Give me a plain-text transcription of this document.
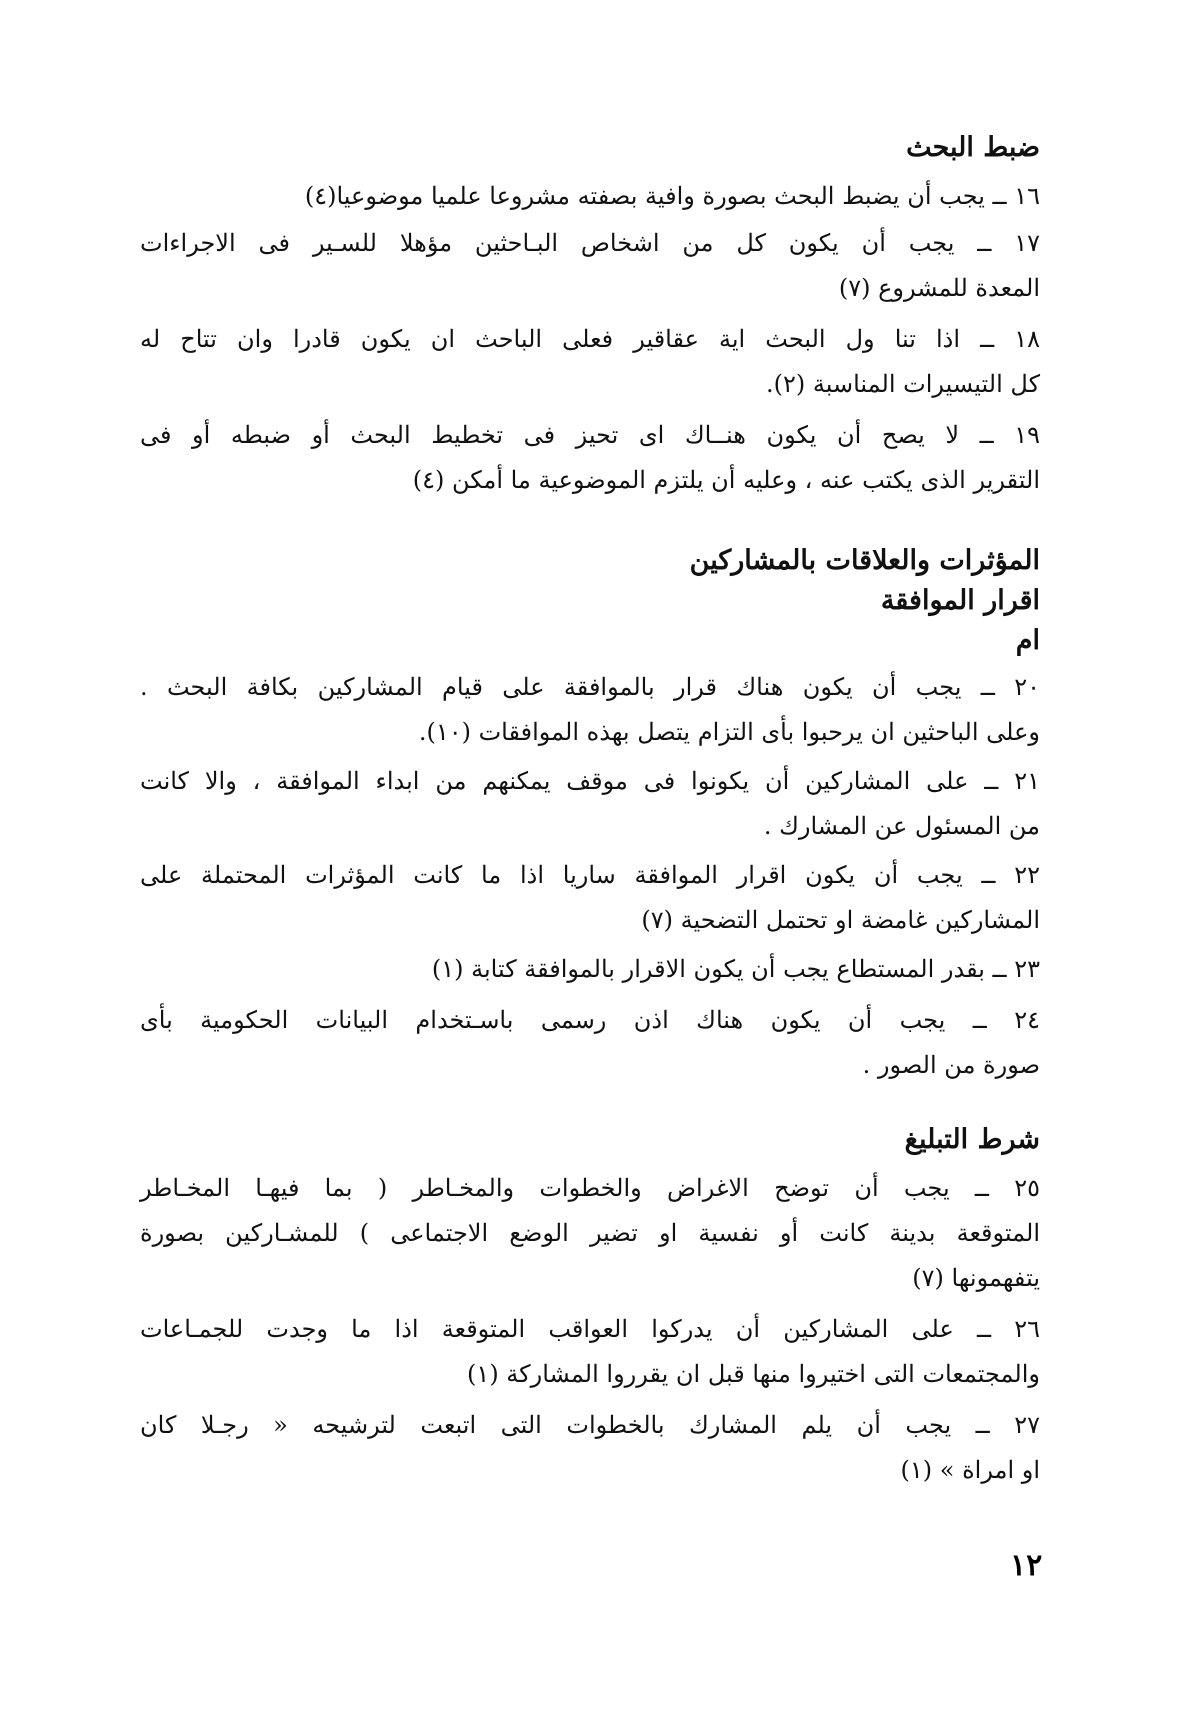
ضبط البحث
١٦ ــ يجب أن يضبط البحث بصورة وافية بصفته مشروعا علميا موضوعيا(٤)
١٧ ــ يجب أن يكون كل من اشخاص البـاحثين مؤهلا للسـير فى الاجراءات
المعدة للمشروع (٧)
١٨ ــ اذا تنا ول البحث اية عقاقير فعلى الباحث ان يكون قادرا وان تتاح له
كل التيسيرات المناسبة (٢).
١٩ ــ لا يصح أن يكون هنــاك اى تحيز فى تخطيط البحث أو ضبطه أو فى
التقرير الذى يكتب عنه ، وعليه أن يلتزم الموضوعية ما أمكن (٤)
المؤثرات والعلاقات بالمشاركين
اقرار الموافقة
ام
٢٠ ــ يجب أن يكون هناك قرار بالموافقة على قيام المشاركين بكافة البحث .
وعلى الباحثين ان يرحبوا بأى التزام يتصل بهذه الموافقات (١٠).
٢١ ــ على المشاركين أن يكونوا فى موقف يمكنهم من ابداء الموافقة ، والا كانت
من المسئول عن المشارك .
٢٢ ــ يجب أن يكون اقرار الموافقة ساريا اذا ما كانت المؤثرات المحتملة على
المشاركين غامضة او تحتمل التضحية (٧)
٢٣ ــ بقدر المستطاع يجب أن يكون الاقرار بالموافقة كتابة (١)
٢٤ ــ يجب أن يكون هناك اذن رسمى باسـتخدام البيانات الحكومية بأى
صورة من الصور .
شرط التبليغ
٢٥ ــ يجب أن توضح الاغراض والخطوات والمخـاطر ( بما فيهـا المخـاطر
المتوقعة بدينة كانت أو نفسية او تضير الوضع الاجتماعى ) للمشـاركين بصورة
يتفهمونها (٧)
٢٦ ــ على المشاركين أن يدركوا العواقب المتوقعة اذا ما وجدت للجمـاعات
والمجتمعات التى اختيروا منها قبل ان يقرروا المشاركة (١)
٢٧ ــ يجب أن يلم المشارك بالخطوات التى اتبعت لترشيحه « رجـلا كان
او امراة » (١)
١٢
